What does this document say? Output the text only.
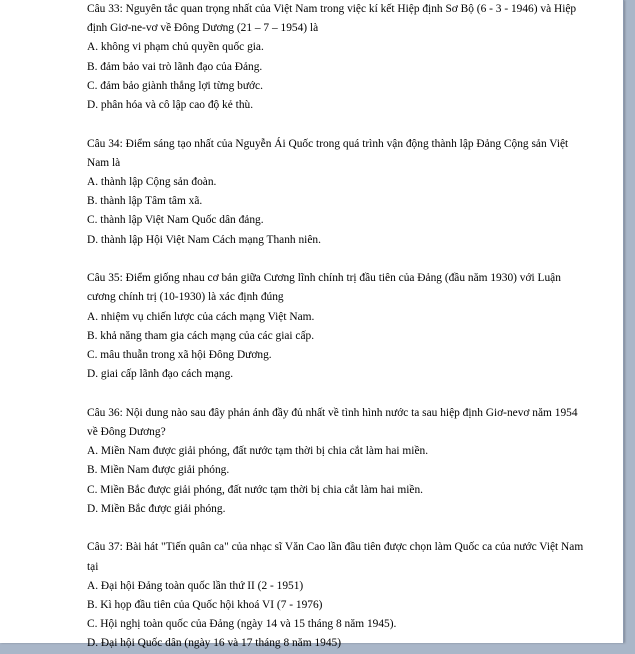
Câu 33: Nguyên tắc quan trọng nhất của Việt Nam trong việc kí kết Hiệp định Sơ Bộ (6 - 3 - 1946) và Hiệp định Giơ-ne-vơ về Đông Dương (21 – 7 – 1954) là
A. không vi phạm chủ quyền quốc gia.
B. đảm bảo vai trò lãnh đạo của Đảng.
C. đảm bảo giành thắng lợi từng bước.
D. phân hóa và cô lập cao độ kẻ thù.
Câu 34: Điểm sáng tạo nhất của Nguyễn Ái Quốc trong quá trình vận động thành lập Đảng Cộng sản Việt Nam là
A. thành lập Cộng sản đoàn.
B. thành lập Tâm tâm xã.
C. thành lập Việt Nam Quốc dân đảng.
D. thành lập Hội Việt Nam Cách mạng Thanh niên.
Câu 35: Điểm giống nhau cơ bản giữa Cương lĩnh chính trị đầu tiên của Đảng (đầu năm 1930) với Luận cương chính trị (10-1930) là xác định đúng
A. nhiệm vụ chiến lược của cách mạng Việt Nam.
B. khả năng tham gia cách mạng của các giai cấp.
C. mâu thuẫn trong xã hội Đông Dương.
D. giai cấp lãnh đạo cách mạng.
Câu 36: Nội dung nào sau đây phản ánh đầy đủ nhất về tình hình nước ta sau hiệp định Giơ-nevơ năm 1954 về Đông Dương?
A. Miền Nam được giải phóng, đất nước tạm thời bị chia cắt làm hai miền.
B. Miền Nam được giải phóng.
C. Miền Bắc được giải phóng, đất nước tạm thời bị chia cắt làm hai miền.
D. Miền Bắc được giải phóng.
Câu 37: Bài hát "Tiến quân ca" của nhạc sĩ Văn Cao lần đầu tiên được chọn làm Quốc ca của nước Việt Nam tại
A. Đại hội Đảng toàn quốc lần thứ II (2 - 1951)
B. Kì họp đầu tiên của Quốc hội khoá VI (7 - 1976)
C. Hội nghị toàn quốc của Đảng (ngày 14 và 15 tháng 8 năm 1945).
D. Đại hội Quốc dân (ngày 16 và 17 tháng 8 năm 1945)
